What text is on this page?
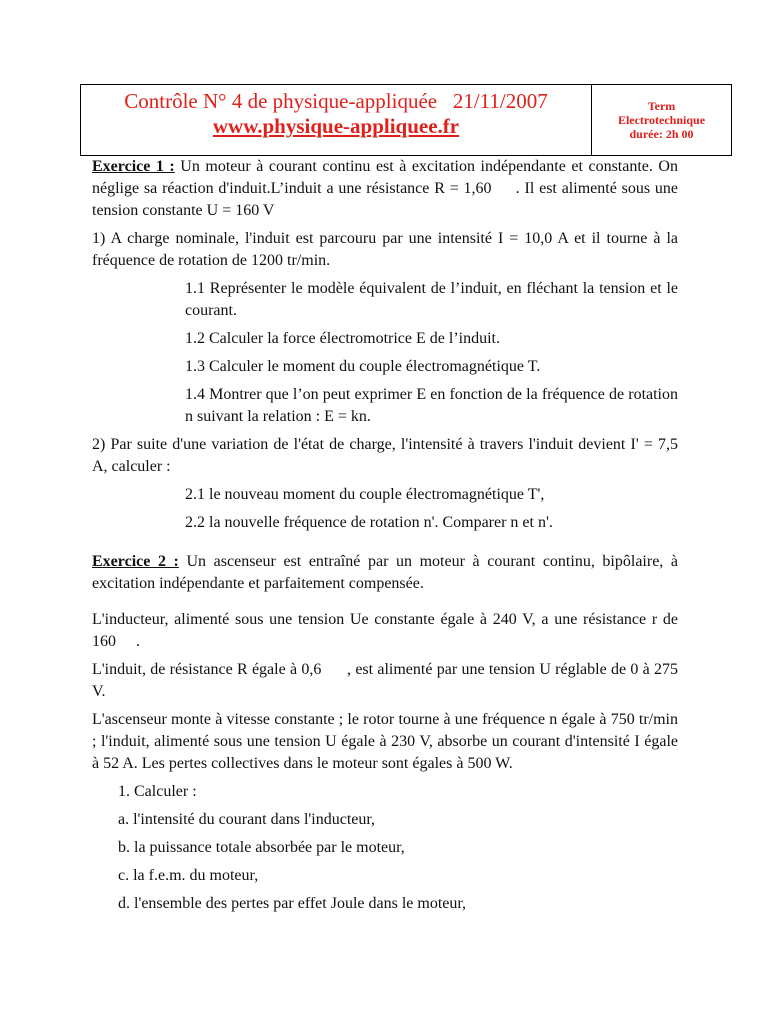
Contrôle N° 4 de physique-appliquée   21/11/2007
www.physique-appliquee.fr
Term
Electrotechnique
durée: 2h 00

Exercice 1 : Un moteur à courant continu est à excitation indépendante et constante. On néglige sa réaction d'induit.L’induit a une résistance R = 1,60     . Il est alimenté sous une tension constante U = 160 V

1) A charge nominale, l'induit est parcouru par une intensité I = 10,0 A et il tourne à la fréquence de rotation de 1200 tr/min.

1.1 Représenter le modèle équivalent de l’induit, en fléchant la tension et le courant.

1.2 Calculer la force électromotrice E de l’induit.

1.3 Calculer le moment du couple électromagnétique T.

1.4 Montrer que l’on peut exprimer E en fonction de la fréquence de rotation n suivant la relation : E = kn.

2) Par suite d'une variation de l'état de charge, l'intensité à travers l'induit devient I' = 7,5 A, calculer :

2.1 le nouveau moment du couple électromagnétique T',

2.2 la nouvelle fréquence de rotation n'. Comparer n et n'.

Exercice 2 : Un ascenseur est entraîné par un moteur à courant continu, bipôlaire, à excitation indépendante et parfaitement compensée.

L'inducteur, alimenté sous une tension Ue constante égale à 240 V, a une résistance r de 160     .

L'induit, de résistance R égale à 0,6      , est alimenté par une tension U réglable de 0 à 275 V.

L'ascenseur monte à vitesse constante ; le rotor tourne à une fréquence n égale à 750 tr/min ; l'induit, alimenté sous une tension U égale à 230 V, absorbe un courant d'intensité I égale à 52 A. Les pertes collectives dans le moteur sont égales à 500 W.

1. Calculer :

a. l'intensité du courant dans l'inducteur,

b. la puissance totale absorbée par le moteur,

c. la f.e.m. du moteur,

d. l'ensemble des pertes par effet Joule dans le moteur,
